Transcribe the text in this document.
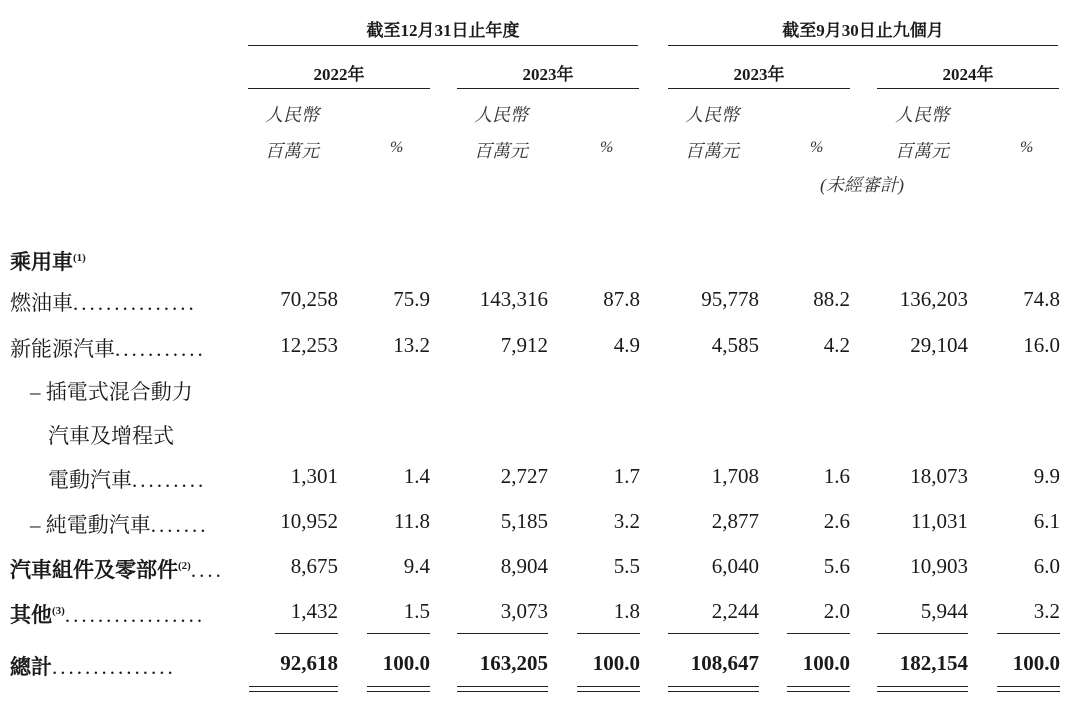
截至12月31日止年度	截至9月30日止九個月
2022年	2023年	2023年	2024年
人民幣
百萬元	%
人民幣
百萬元	%
人民幣
百萬元	%
人民幣
百萬元	%
(未經審計)
乘用車$^{(1)}$
燃油車...............	70,258	75.9	143,316	87.8	95,778	88.2	136,203	74.8
新能源汽車...........	12,253	13.2	7,912	4.9	4,585	4.2	29,104	16.0
– 插電式混合動力
汽車及增程式
電動汽車.........	1,301	1.4	2,727	1.7	1,708	1.6	18,073	9.9
– 純電動汽車.......	10,952	11.8	5,185	3.2	2,877	2.6	11,031	6.1
汽車組件及零部件$^{(2)}$....	8,675	9.4	8,904	5.5	6,040	5.6	10,903	6.0
其他$^{(3)}$.................	1,432	1.5	3,073	1.8	2,244	2.0	5,944	3.2
總計...............	92,618	100.0	163,205	100.0	108,647	100.0	182,154	100.0
